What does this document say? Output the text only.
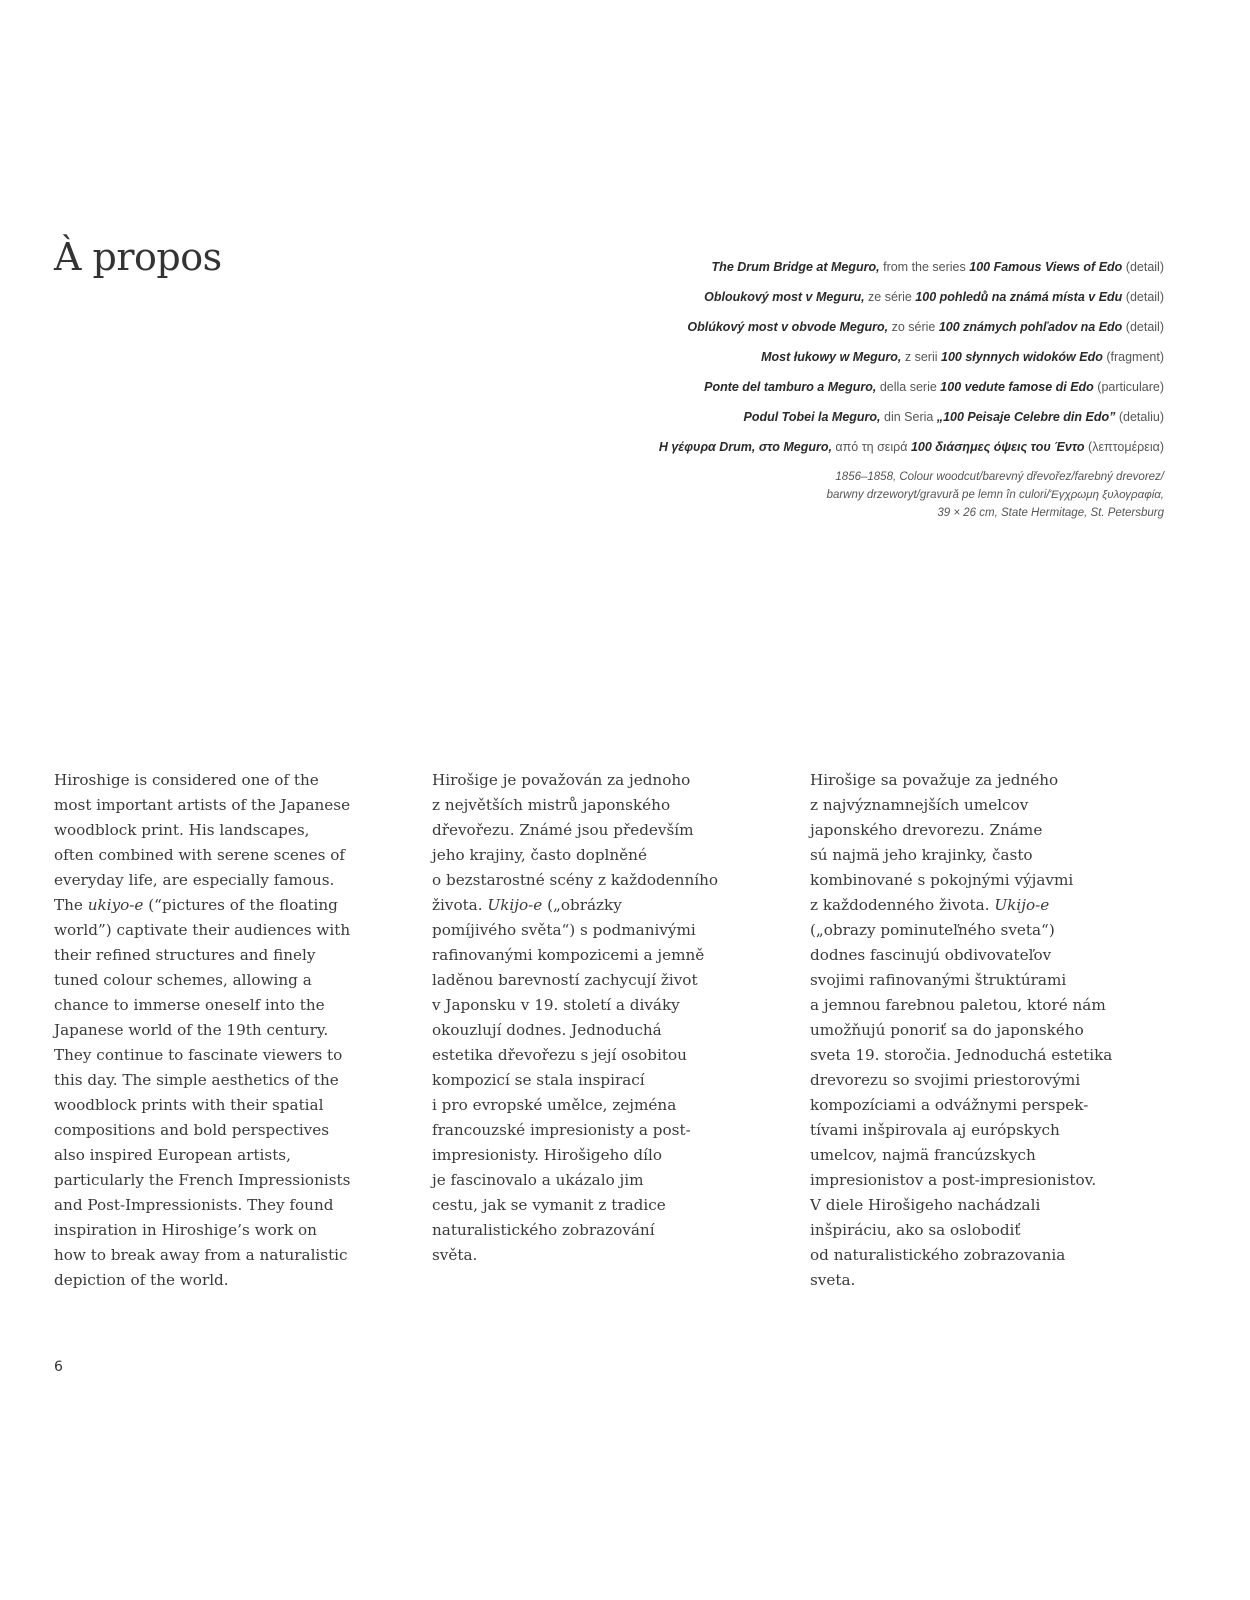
À propos	The Drum Bridge at Meguro, from the series 100 Famous Views of Edo (detail)
Obloukový most v Meguru, ze série 100 pohledů na známá místa v Edu (detail)
Oblúkový most v obvode Meguro, zo série 100 známych pohľadov na Edo (detail)
Most łukowy w Meguro, z serii 100 słynnych widoków Edo (fragment)
Ponte del tamburo a Meguro, della serie 100 vedute famose di Edo (particulare)
Podul Tobei la Meguro, din Seria „100 Peisaje Celebre din Edo” (detaliu)
Η γέφυρα Drum, στο Meguro, από τη σειρά 100 διάσημες όψεις του Έντο (λεπτομέρεια)
1856–1858, Colour woodcut/barevný dřevořez/farebný drevorez/
barwny drzeworyt/gravură pe lemn în culori/Έγχρωμη ξυλογραφία,
39 × 26 cm, State Hermitage, St. Petersburg
Hiroshige is considered one of the
most important artists of the Japanese
woodblock print. His landscapes,
often combined with serene scenes of
everyday life, are especially famous.
The ukiyo-e (“pictures of the floating
world”) captivate their audiences with
their refined structures and finely
tuned colour schemes, allowing a
chance to immerse oneself into the
Japanese world of the 19th century.
They continue to fascinate viewers to
this day. The simple aesthetics of the
woodblock prints with their spatial
compositions and bold perspectives
also inspired European artists,
particularly the French Impressionists
and Post-Impressionists. They found
inspiration in Hiroshige’s work on
how to break away from a naturalistic
depiction of the world.
Hirošige je považován za jednoho
z největších mistrů japonského
dřevořezu. Známé jsou především
jeho krajiny, často doplněné
o bezstarostné scény z každodenního
života. Ukijo-e („obrázky
pomíjivého světa“) s podmanivými
rafinovanými kompozicemi a jemně
laděnou barevností zachycují život
v Japonsku v 19. století a diváky
okouzlují dodnes. Jednoduchá
estetika dřevořezu s její osobitou
kompozicí se stala inspirací
i pro evropské umělce, zejména
francouzské impresionisty a post-
impresionisty. Hirošigeho dílo
je fascinovalo a ukázalo jim
cestu, jak se vymanit z tradice
naturalistického zobrazování
světa.
Hirošige sa považuje za jedného
z najvýznamnejších umelcov
japonského drevorezu. Známe
sú najmä jeho krajinky, často
kombinované s pokojnými výjavmi
z každodenného života. Ukijo-e
(„obrazy pominuteľného sveta“)
dodnes fascinujú obdivovateľov
svojimi rafinovanými štruktúrami
a jemnou farebnou paletou, ktoré nám
umožňujú ponoriť sa do japonského
sveta 19. storočia. Jednoduchá estetika
drevorezu so svojimi priestorovými
kompozíciami a odvážnymi perspek-
tívami inšpirovala aj európskych
umelcov, najmä francúzskych
impresionistov a post-impresionistov.
V diele Hirošigeho nachádzali
inšpiráciu, ako sa oslobodiť
od naturalistického zobrazovania
sveta.
6
